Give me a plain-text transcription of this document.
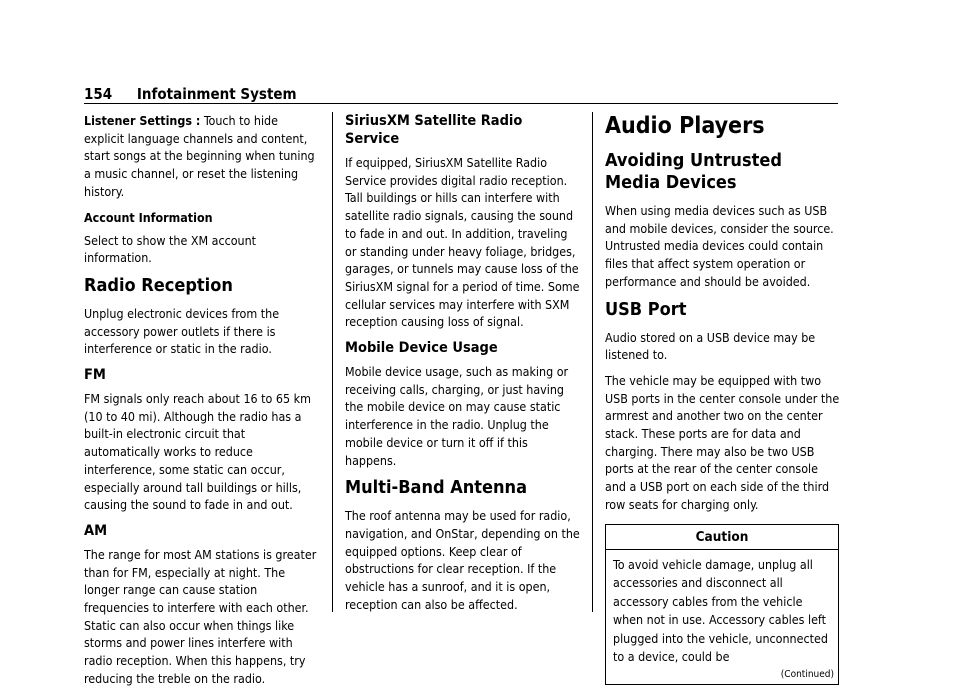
154 Infotainment System

Listener Settings : Touch to hide explicit language channels and content, start songs at the beginning when tuning a music channel, or reset the listening history.

Account Information

Select to show the XM account information.

Radio Reception

Unplug electronic devices from the accessory power outlets if there is interference or static in the radio.

FM

FM signals only reach about 16 to 65 km (10 to 40 mi). Although the radio has a built-in electronic circuit that automatically works to reduce interference, some static can occur, especially around tall buildings or hills, causing the sound to fade in and out.

AM

The range for most AM stations is greater than for FM, especially at night. The longer range can cause station frequencies to interfere with each other. Static can also occur when things like storms and power lines interfere with radio reception. When this happens, try reducing the treble on the radio.

SiriusXM Satellite Radio Service

If equipped, SiriusXM Satellite Radio Service provides digital radio reception. Tall buildings or hills can interfere with satellite radio signals, causing the sound to fade in and out. In addition, traveling or standing under heavy foliage, bridges, garages, or tunnels may cause loss of the SiriusXM signal for a period of time. Some cellular services may interfere with SXM reception causing loss of signal.

Mobile Device Usage

Mobile device usage, such as making or receiving calls, charging, or just having the mobile device on may cause static interference in the radio. Unplug the mobile device or turn it off if this happens.

Multi-Band Antenna

The roof antenna may be used for radio, navigation, and OnStar, depending on the equipped options. Keep clear of obstructions for clear reception. If the vehicle has a sunroof, and it is open, reception can also be affected.

Audio Players
Avoiding Untrusted Media Devices

When using media devices such as USB and mobile devices, consider the source. Untrusted media devices could contain files that affect system operation or performance and should be avoided.

USB Port

Audio stored on a USB device may be listened to.

The vehicle may be equipped with two USB ports in the center console under the armrest and another two on the center stack. These ports are for data and charging. There may also be two USB ports at the rear of the center console and a USB port on each side of the third row seats for charging only.

Caution
To avoid vehicle damage, unplug all accessories and disconnect all accessory cables from the vehicle when not in use. Accessory cables left plugged into the vehicle, unconnected to a device, could be
(Continued)
